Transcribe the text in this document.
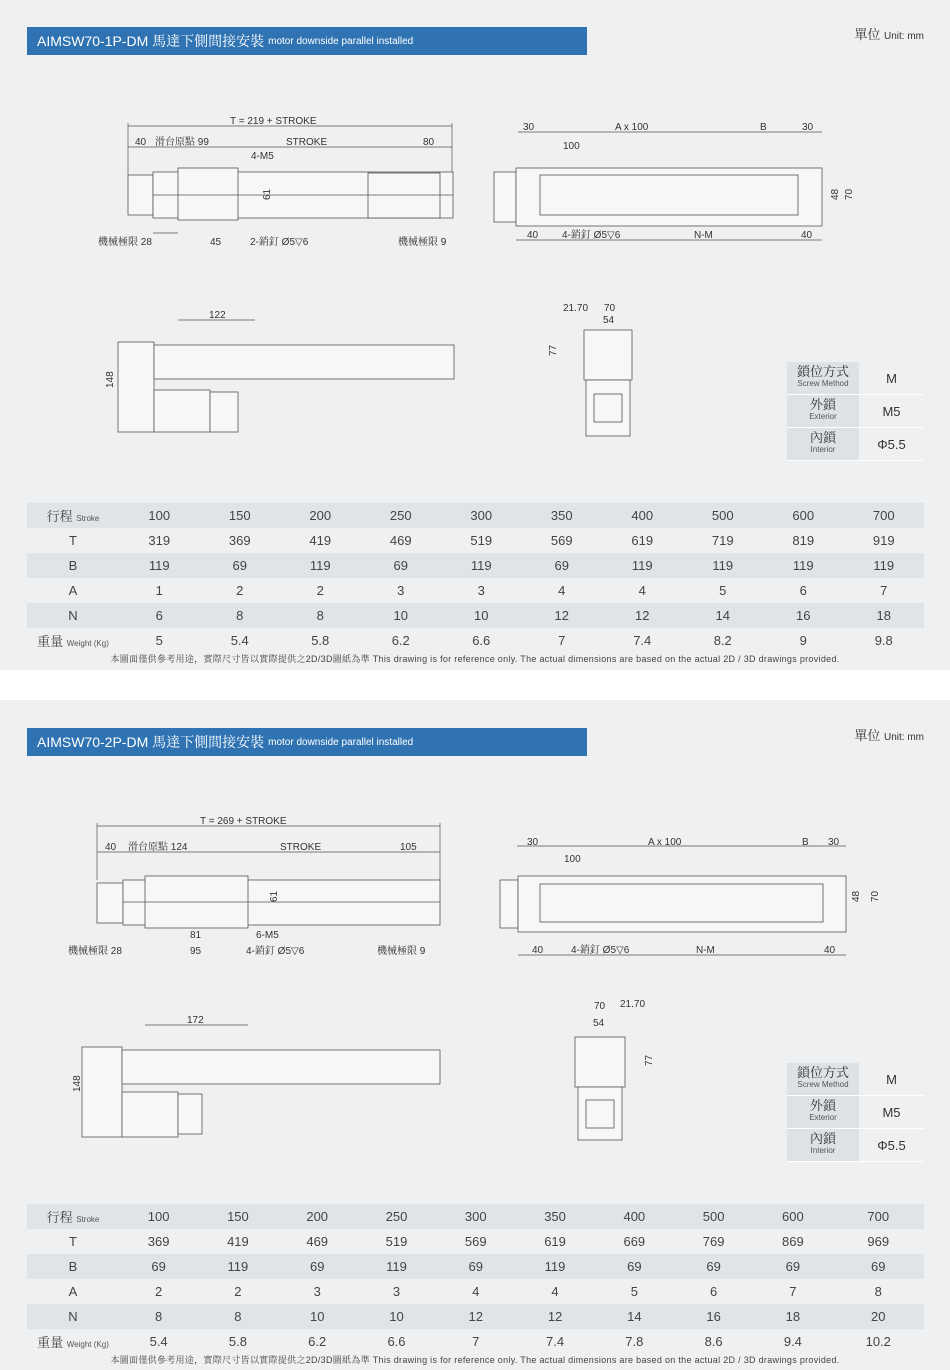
AIMSW70-1P-DM 馬達下側間接安裝 motor downside parallel installed	單位 Unit: mm
T = 219 + STROKE
40 滑台原點 99	STROKE	80
4-M5
61
機械極限 28	45	2-銷釘 Ø5▽6	機械極限 9
30	A x 100	B	30
100
48 70
40 4-銷釘 Ø5▽6	N-M	40
122
148
21.70 70
54
77
鎖位方式
Screw Method	M
外鎖
Exterior	M5
內鎖
Interior	Φ5.5
行程 Stroke	100	150	200	250	300	350	400	500	600	700
T	319	369	419	469	519	569	619	719	819	919
B	119	69	119	69	119	69	119	119	119	119
A	1	2	2	3	3	4	4	5	6	7
N	6	8	8	10	10	12	12	14	16	18
重量 Weight (Kg)	5	5.4	5.8	6.2	6.6	7	7.4	8.2	9	9.8
本圖面僅供參考用途，實際尺寸皆以實際提供之2D/3D圖紙為準 This drawing is for reference only. The actual dimensions are based on the actual 2D / 3D drawings provided.
AIMSW70-2P-DM 馬達下側間接安裝 motor downside parallel installed	單位 Unit: mm
T = 269 + STROKE
40 滑台原點 124	STROKE	105
61
6-M5
81
機械極限 28	95	4-銷釘 Ø5▽6	機械極限 9
30	A x 100	B 30
100
48 70
40	4-銷釘 Ø5▽6	N-M	40
172
148
70 21.70
54
77
鎖位方式
Screw Method	M
外鎖
Exterior	M5
內鎖
Interior	Φ5.5
行程 Stroke	100	150	200	250	300	350	400	500	600	700
T	369	419	469	519	569	619	669	769	869	969
B	69	119	69	119	69	119	69	69	69	69
A	2	2	3	3	4	4	5	6	7	8
N	8	8	10	10	12	12	14	16	18	20
重量 Weight (Kg)	5.4	5.8	6.2	6.6	7	7.4	7.8	8.6	9.4	10.2
本圖面僅供參考用途，實際尺寸皆以實際提供之2D/3D圖紙為準 This drawing is for reference only. The actual dimensions are based on the actual 2D / 3D drawings provided.
